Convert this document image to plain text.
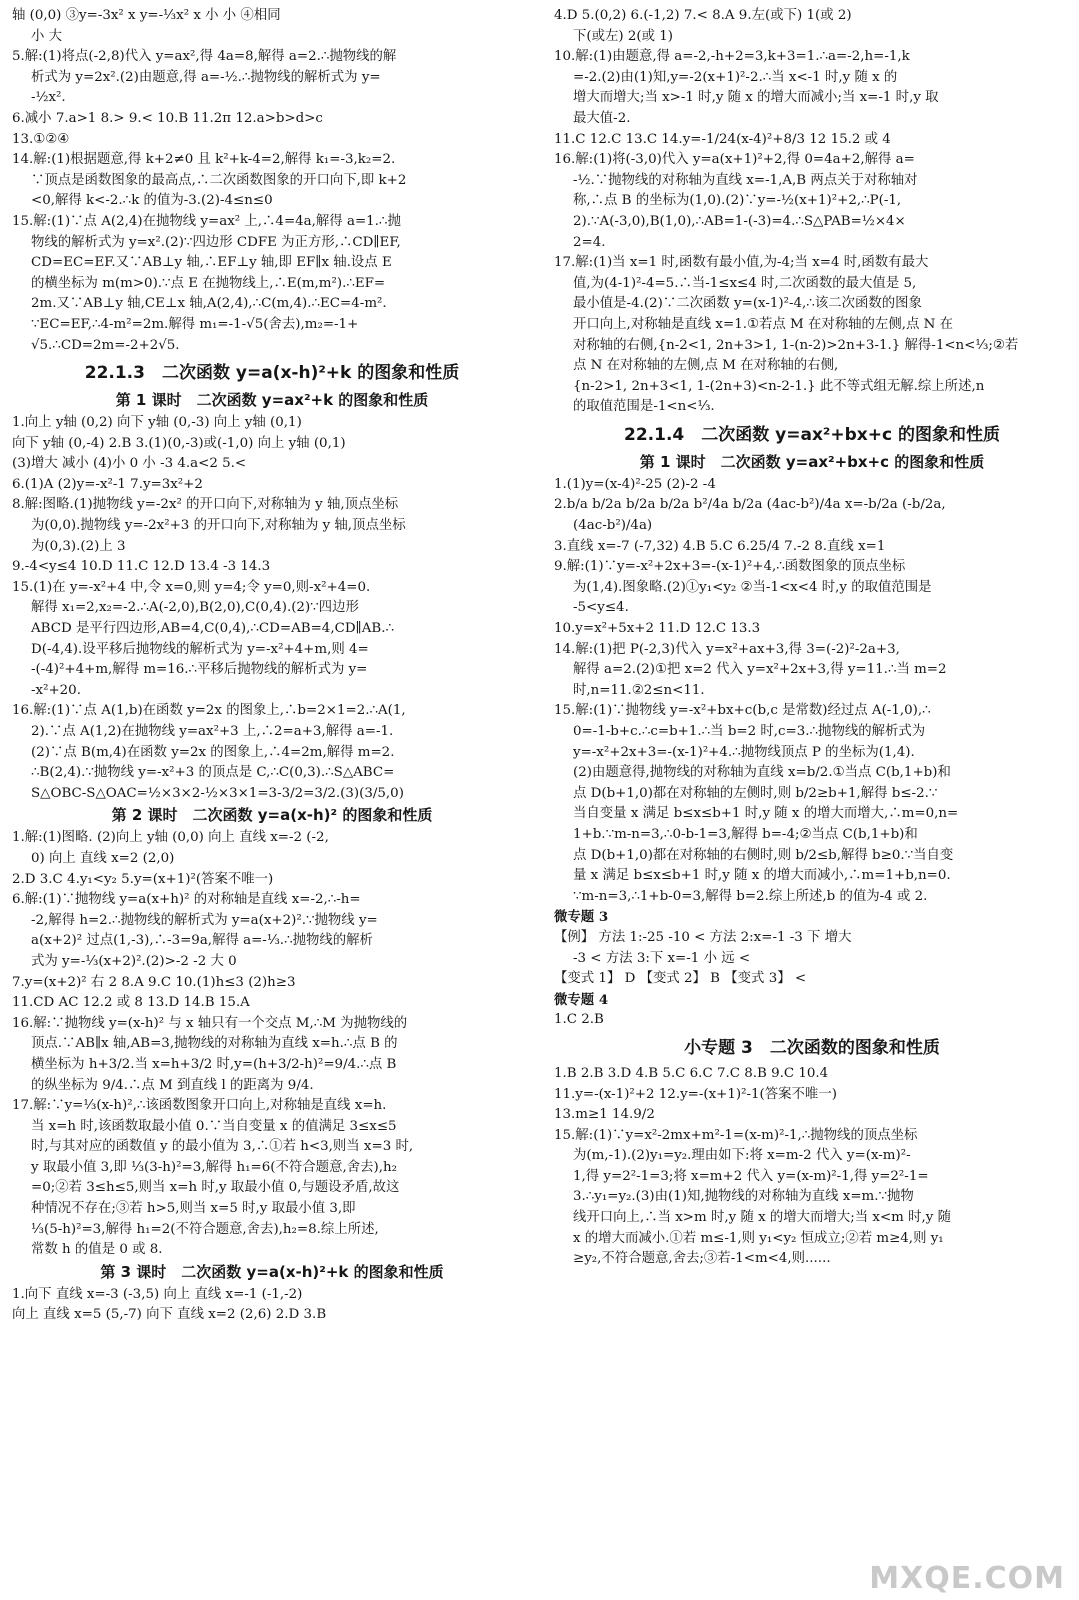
轴 (0,0) ③y=-3x² x y=-⅓x² x 小 小 ④相同
小 大
5.解:(1)将点(-2,8)代入 y=ax²,得 4a=8,解得 a=2.∴抛物线的解
析式为 y=2x².(2)由题意,得 a=-½.∴抛物线的解析式为 y=
-½x².
6.减小 7.a>1 8.> 9.< 10.B 11.2π 12.a>b>d>c
13.①②④
14.解:(1)根据题意,得 k+2≠0 且 k²+k-4=2,解得 k₁=-3,k₂=2.
∵顶点是函数图象的最高点,∴二次函数图象的开口向下,即 k+2
<0,解得 k<-2.∴k 的值为-3.(2)-4≤n≤0
15.解:(1)∵点 A(2,4)在抛物线 y=ax² 上,∴4=4a,解得 a=1.∴抛
物线的解析式为 y=x².(2)∵四边形 CDFE 为正方形,∴CD∥EF,
CD=EC=EF.又∵AB⊥y 轴,∴EF⊥y 轴,即 EF∥x 轴.设点 E
的横坐标为 m(m>0).∵点 E 在抛物线上,∴E(m,m²).∴EF=
2m.又∵AB⊥y 轴,CE⊥x 轴,A(2,4),∴C(m,4).∴EC=4-m².
∵EC=EF,∴4-m²=2m.解得 m₁=-1-√5(舍去),m₂=-1+
√5.∴CD=2m=-2+2√5.
22.1.3　二次函数 y=a(x-h)²+k 的图象和性质
第 1 课时　二次函数 y=ax²+k 的图象和性质
1.向上 y轴 (0,2) 向下 y轴 (0,-3) 向上 y轴 (0,1)
向下 y轴 (0,-4) 2.B 3.(1)(0,-3)或(-1,0) 向上 y轴 (0,1)
(3)增大 减小 (4)小 0 小 -3 4.a<2 5.<
6.(1)A (2)y=-x²-1 7.y=3x²+2
8.解:图略.(1)抛物线 y=-2x² 的开口向下,对称轴为 y 轴,顶点坐标
为(0,0).抛物线 y=-2x²+3 的开口向下,对称轴为 y 轴,顶点坐标
为(0,3).(2)上 3
9.-4<y≤4 10.D 11.C 12.D 13.4 -3 14.3
15.(1)在 y=-x²+4 中,令 x=0,则 y=4;令 y=0,则-x²+4=0.
解得 x₁=2,x₂=-2.∴A(-2,0),B(2,0),C(0,4).(2)∵四边形
ABCD 是平行四边形,AB=4,C(0,4),∴CD=AB=4,CD∥AB.∴
D(-4,4).设平移后抛物线的解析式为 y=-x²+4+m,则 4=
-(-4)²+4+m,解得 m=16.∴平移后抛物线的解析式为 y=
-x²+20.
16.解:(1)∵点 A(1,b)在函数 y=2x 的图象上,∴b=2×1=2.∴A(1,
2).∵点 A(1,2)在抛物线 y=ax²+3 上,∴2=a+3,解得 a=-1.
(2)∵点 B(m,4)在函数 y=2x 的图象上,∴4=2m,解得 m=2.
∴B(2,4).∵抛物线 y=-x²+3 的顶点是 C,∴C(0,3).∴S△ABC=
S△OBC-S△OAC=½×3×2-½×3×1=3-3/2=3/2.(3)(3/5,0)
第 2 课时　二次函数 y=a(x-h)² 的图象和性质
1.解:(1)图略. (2)向上 y轴 (0,0) 向上 直线 x=-2 (-2,
0) 向上 直线 x=2 (2,0)
2.D 3.C 4.y₁<y₂ 5.y=(x+1)²(答案不唯一)
6.解:(1)∵抛物线 y=a(x+h)² 的对称轴是直线 x=-2,∴-h=
-2,解得 h=2.∴抛物线的解析式为 y=a(x+2)².∵抛物线 y=
a(x+2)² 过点(1,-3),∴-3=9a,解得 a=-⅓.∴抛物线的解析
式为 y=-⅓(x+2)².(2)>-2 -2 大 0
7.y=(x+2)² 右 2 8.A 9.C 10.(1)h≤3 (2)h≥3
11.CD AC 12.2 或 8 13.D 14.B 15.A
16.解:∵抛物线 y=(x-h)² 与 x 轴只有一个交点 M,∴M 为抛物线的
顶点.∵AB∥x 轴,AB=3,抛物线的对称轴为直线 x=h.∴点 B 的
横坐标为 h+3/2.当 x=h+3/2 时,y=(h+3/2-h)²=9/4.∴点 B
的纵坐标为 9/4.∴点 M 到直线 l 的距离为 9/4.
17.解:∵y=⅓(x-h)²,∴该函数图象开口向上,对称轴是直线 x=h.
当 x=h 时,该函数取最小值 0.∵当自变量 x 的值满足 3≤x≤5
时,与其对应的函数值 y 的最小值为 3,∴①若 h<3,则当 x=3 时,
y 取最小值 3,即 ⅓(3-h)²=3,解得 h₁=6(不符合题意,舍去),h₂
=0;②若 3≤h≤5,则当 x=h 时,y 取最小值 0,与题设矛盾,故这
种情况不存在;③若 h>5,则当 x=5 时,y 取最小值 3,即
⅓(5-h)²=3,解得 h₁=2(不符合题意,舍去),h₂=8.综上所述,
常数 h 的值是 0 或 8.
第 3 课时　二次函数 y=a(x-h)²+k 的图象和性质
1.向下 直线 x=-3 (-3,5) 向上 直线 x=-1 (-1,-2)
向上 直线 x=5 (5,-7) 向下 直线 x=2 (2,6) 2.D 3.B
4.D 5.(0,2) 6.(-1,2) 7.< 8.A 9.左(或下) 1(或 2)
下(或左) 2(或 1)
10.解:(1)由题意,得 a=-2,-h+2=3,k+3=1.∴a=-2,h=-1,k
=-2.(2)由(1)知,y=-2(x+1)²-2.∴当 x<-1 时,y 随 x 的
增大而增大;当 x>-1 时,y 随 x 的增大而减小;当 x=-1 时,y 取
最大值-2.
11.C 12.C 13.C 14.y=-1/24(x-4)²+8/3 12 15.2 或 4
16.解:(1)将(-3,0)代入 y=a(x+1)²+2,得 0=4a+2,解得 a=
-½.∵抛物线的对称轴为直线 x=-1,A,B 两点关于对称轴对
称,∴点 B 的坐标为(1,0).(2)∵y=-½(x+1)²+2,∴P(-1,
2).∵A(-3,0),B(1,0),∴AB=1-(-3)=4.∴S△PAB=½×4×
2=4.
17.解:(1)当 x=1 时,函数有最小值,为-4;当 x=4 时,函数有最大
值,为(4-1)²-4=5.∴当-1≤x≤4 时,二次函数的最大值是 5,
最小值是-4.(2)∵二次函数 y=(x-1)²-4,∴该二次函数的图象
开口向上,对称轴是直线 x=1.①若点 M 在对称轴的左侧,点 N 在
对称轴的右侧,{n-2<1, 2n+3>1, 1-(n-2)>2n+3-1.} 解得-1<n<⅓;②若
点 N 在对称轴的左侧,点 M 在对称轴的右侧,
{n-2>1, 2n+3<1, 1-(2n+3)<n-2-1.} 此不等式组无解.综上所述,n
的取值范围是-1<n<⅓.
22.1.4　二次函数 y=ax²+bx+c 的图象和性质
第 1 课时　二次函数 y=ax²+bx+c 的图象和性质
1.(1)y=(x-4)²-25 (2)-2 -4
2.b/a b/2a b/2a b/2a b²/4a b/2a (4ac-b²)/4a x=-b/2a (-b/2a,
(4ac-b²)/4a)
3.直线 x=-7 (-7,32) 4.B 5.C 6.25/4 7.-2 8.直线 x=1
9.解:(1)∵y=-x²+2x+3=-(x-1)²+4,∴函数图象的顶点坐标
为(1,4).图象略.(2)①y₁<y₂ ②当-1<x<4 时,y 的取值范围是
-5<y≤4.
10.y=x²+5x+2 11.D 12.C 13.3
14.解:(1)把 P(-2,3)代入 y=x²+ax+3,得 3=(-2)²-2a+3,
解得 a=2.(2)①把 x=2 代入 y=x²+2x+3,得 y=11.∴当 m=2
时,n=11.②2≤n<11.
15.解:(1)∵抛物线 y=-x²+bx+c(b,c 是常数)经过点 A(-1,0),∴
0=-1-b+c.∴c=b+1.∴当 b=2 时,c=3.∴抛物线的解析式为
y=-x²+2x+3=-(x-1)²+4.∴抛物线顶点 P 的坐标为(1,4).
(2)由题意得,抛物线的对称轴为直线 x=b/2.①当点 C(b,1+b)和
点 D(b+1,0)都在对称轴的左侧时,则 b/2≥b+1,解得 b≤-2.∵
当自变量 x 满足 b≤x≤b+1 时,y 随 x 的增大而增大,∴m=0,n=
1+b.∵m-n=3,∴0-b-1=3,解得 b=-4;②当点 C(b,1+b)和
点 D(b+1,0)都在对称轴的右侧时,则 b/2≤b,解得 b≥0.∵当自变
量 x 满足 b≤x≤b+1 时,y 随 x 的增大而减小,∴m=1+b,n=0.
∵m-n=3,∴1+b-0=3,解得 b=2.综上所述,b 的值为-4 或 2.
微专题 3
【例】 方法 1:-25 -10 < 方法 2:x=-1 -3 下 增大
-3 < 方法 3:下 x=-1 小 远 <
【变式 1】 D 【变式 2】 B 【变式 3】 <
微专题 4
1.C 2.B
小专题 3　二次函数的图象和性质
1.B 2.B 3.D 4.B 5.C 6.C 7.C 8.B 9.C 10.4
11.y=-(x-1)²+2 12.y=-(x+1)²-1(答案不唯一)
13.m≥1 14.9/2
15.解:(1)∵y=x²-2mx+m²-1=(x-m)²-1,∴抛物线的顶点坐标
为(m,-1).(2)y₁=y₂.理由如下:将 x=m-2 代入 y=(x-m)²-
1,得 y=2²-1=3;将 x=m+2 代入 y=(x-m)²-1,得 y=2²-1=
3.∴y₁=y₂.(3)由(1)知,抛物线的对称轴为直线 x=m.∵抛物
线开口向上,∴当 x>m 时,y 随 x 的增大而增大;当 x<m 时,y 随
x 的增大而减小.①若 m≤-1,则 y₁<y₂ 恒成立;②若 m≥4,则 y₁
≥y₂,不符合题意,舍去;③若-1<m<4,则......
MXQE.COM
